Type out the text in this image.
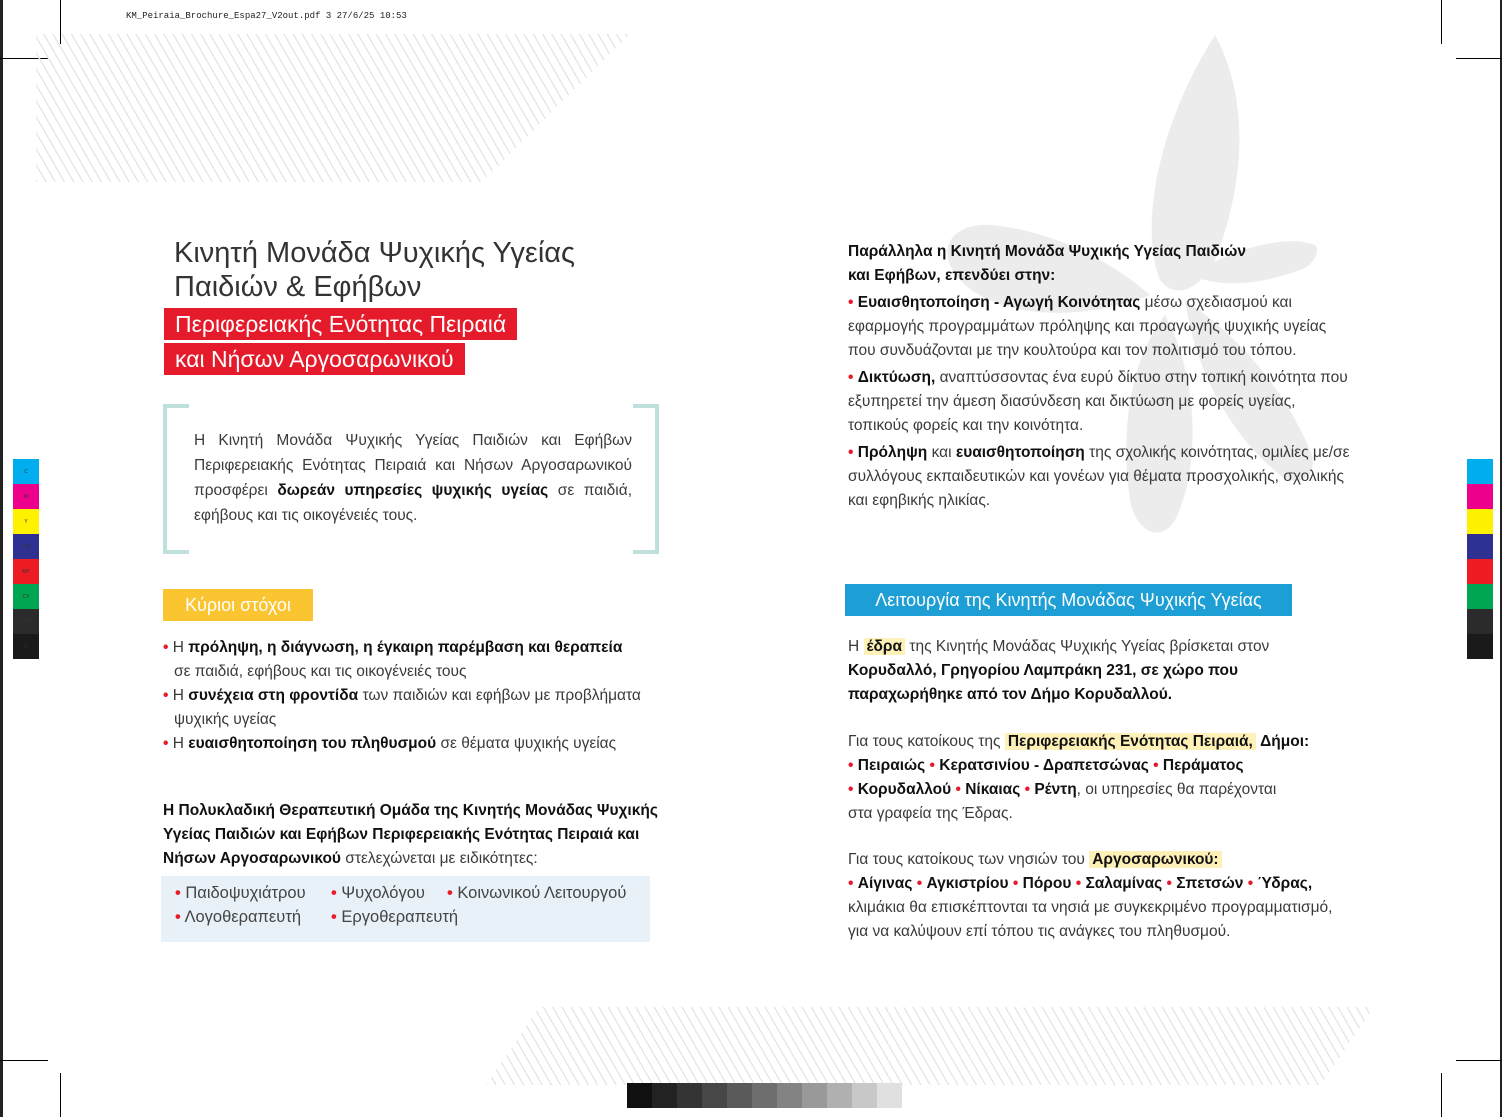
KM_Peiraia_Brochure_Espa27_V2out.pdf 3 27/6/25 10:53
C
M
Y
CM
MY
CY
CMY
K
Κινητή Μονάδα Ψυχικής Υγείας
Παιδιών & Εφήβων
Περιφερειακής Ενότητας Πειραιά
και Νήσων Αργοσαρωνικού
Η Κινητή Μονάδα Ψυχικής Υγείας Παιδιών και Εφήβων Περιφερειακής Ενότητας Πειραιά και Νήσων Αργοσαρωνικού προσφέρει δωρεάν υπηρεσίες ψυχικής υγείας σε παιδιά, εφήβους και τις οικογένειές τους.
Κύριοι στόχοι
• Η πρόληψη, η διάγνωση, η έγκαιρη παρέμβαση και θεραπεία
σε παιδιά, εφήβους και τις οικογένειές τους
• Η συνέχεια στη φροντίδα των παιδιών και εφήβων με προβλήματα
ψυχικής υγείας
• Η ευαισθητοποίηση του πληθυσμού σε θέματα ψυχικής υγείας
Η Πολυκλαδική Θεραπευτική Ομάδα της Κινητής Μονάδας Ψυχικής Υγείας Παιδιών και Εφήβων Περιφερειακής Ενότητας Πειραιά και Νήσων Αργοσαρωνικού στελεχώνεται με ειδικότητες:
• Παιδοψυχιάτρου • Ψυχολόγου • Κοινωνικού Λειτουργού
• Λογοθεραπευτή • Εργοθεραπευτή
Παράλληλα η Κινητή Μονάδα Ψυχικής Υγείας Παιδιών και Εφήβων, επενδύει στην:
• Ευαισθητοποίηση - Αγωγή Κοινότητας μέσω σχεδιασμού και εφαρμογής προγραμμάτων πρόληψης και προαγωγής ψυχικής υγείας που συνδυάζονται με την κουλτούρα και τον πολιτισμό του τόπου.
• Δικτύωση, αναπτύσσοντας ένα ευρύ δίκτυο στην τοπική κοινότητα που εξυπηρετεί την άμεση διασύνδεση και δικτύωση με φορείς υγείας, τοπικούς φορείς και την κοινότητα.
• Πρόληψη και ευαισθητοποίηση της σχολικής κοινότητας, ομιλίες με/σε συλλόγους εκπαιδευτικών και γονέων για θέματα προσχολικής, σχολικής και εφηβικής ηλικίας.
Λειτουργία της Κινητής Μονάδας Ψυχικής Υγείας
Η έδρα της Κινητής Μονάδας Ψυχικής Υγείας βρίσκεται στον Κορυδαλλό, Γρηγορίου Λαμπράκη 231, σε χώρο που παραχωρήθηκε από τον Δήμο Κορυδαλλού.
Για τους κατοίκους της Περιφερειακής Ενότητας Πειραιά, Δήμοι:
• Πειραιώς • Κερατσινίου - Δραπετσώνας • Περάματος
• Κορυδαλλού • Νίκαιας • Ρέντη, οι υπηρεσίες θα παρέχονται
στα γραφεία της Έδρας.
Για τους κατοίκους των νησιών του Αργοσαρωνικού:
• Αίγινας • Αγκιστρίου • Πόρου • Σαλαμίνας • Σπετσών • Ύδρας,
κλιμάκια θα επισκέπτονται τα νησιά με συγκεκριμένο προγραμματισμό, για να καλύψουν επί τόπου τις ανάγκες του πληθυσμού.
